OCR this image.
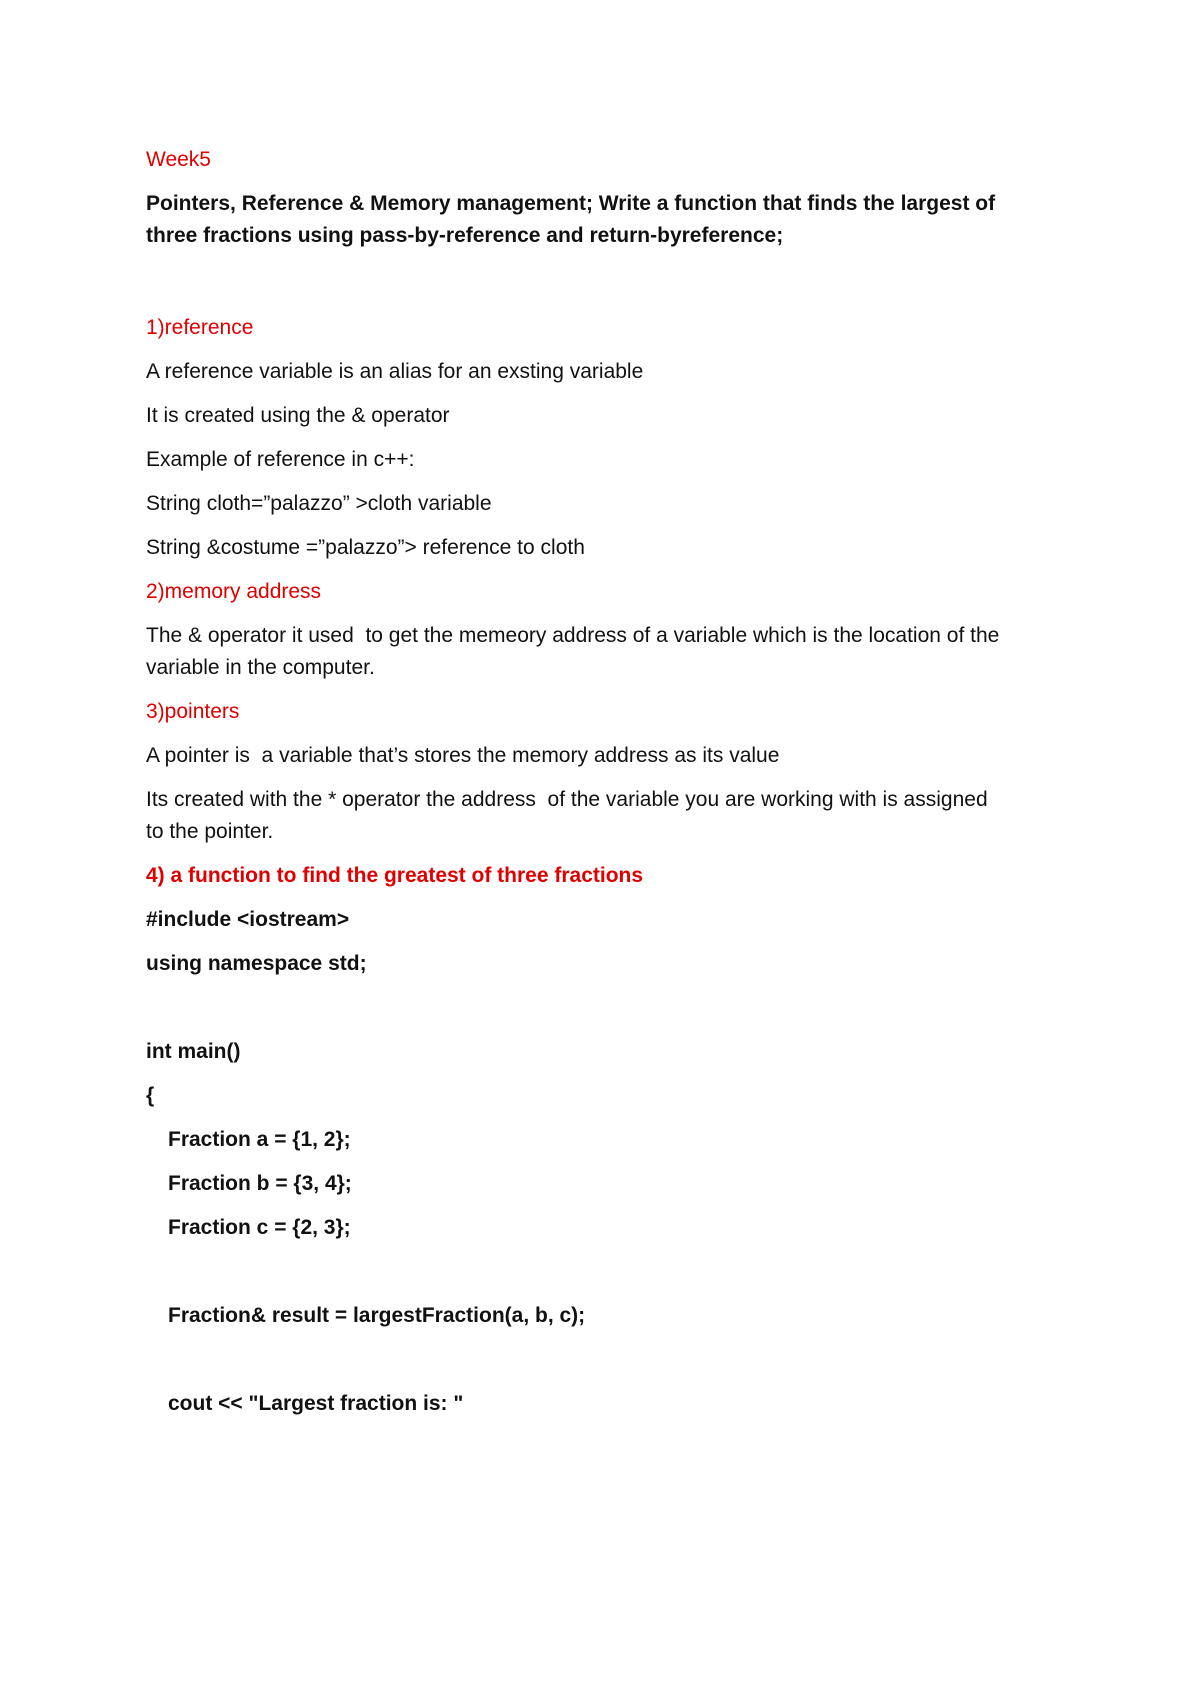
Week5

Pointers, Reference & Memory management; Write a function that finds the largest of

three fractions using pass-by-reference and return-byreference;

1)reference

A reference variable is an alias for an exsting variable

It is created using the & operator

Example of reference in c++:

String cloth=”palazzo” >cloth variable

String &costume =”palazzo”> reference to cloth

2)memory address

The & operator it used  to get the memeory address of a variable which is the location of the

variable in the computer.

3)pointers

A pointer is  a variable that’s stores the memory address as its value

Its created with the * operator the address  of the variable you are working with is assigned

to the pointer.

4) a function to find the greatest of three fractions

#include <iostream>

using namespace std;

int main()

{

Fraction a = {1, 2};

Fraction b = {3, 4};

Fraction c = {2, 3};

Fraction& result = largestFraction(a, b, c);

cout << "Largest fraction is: "
